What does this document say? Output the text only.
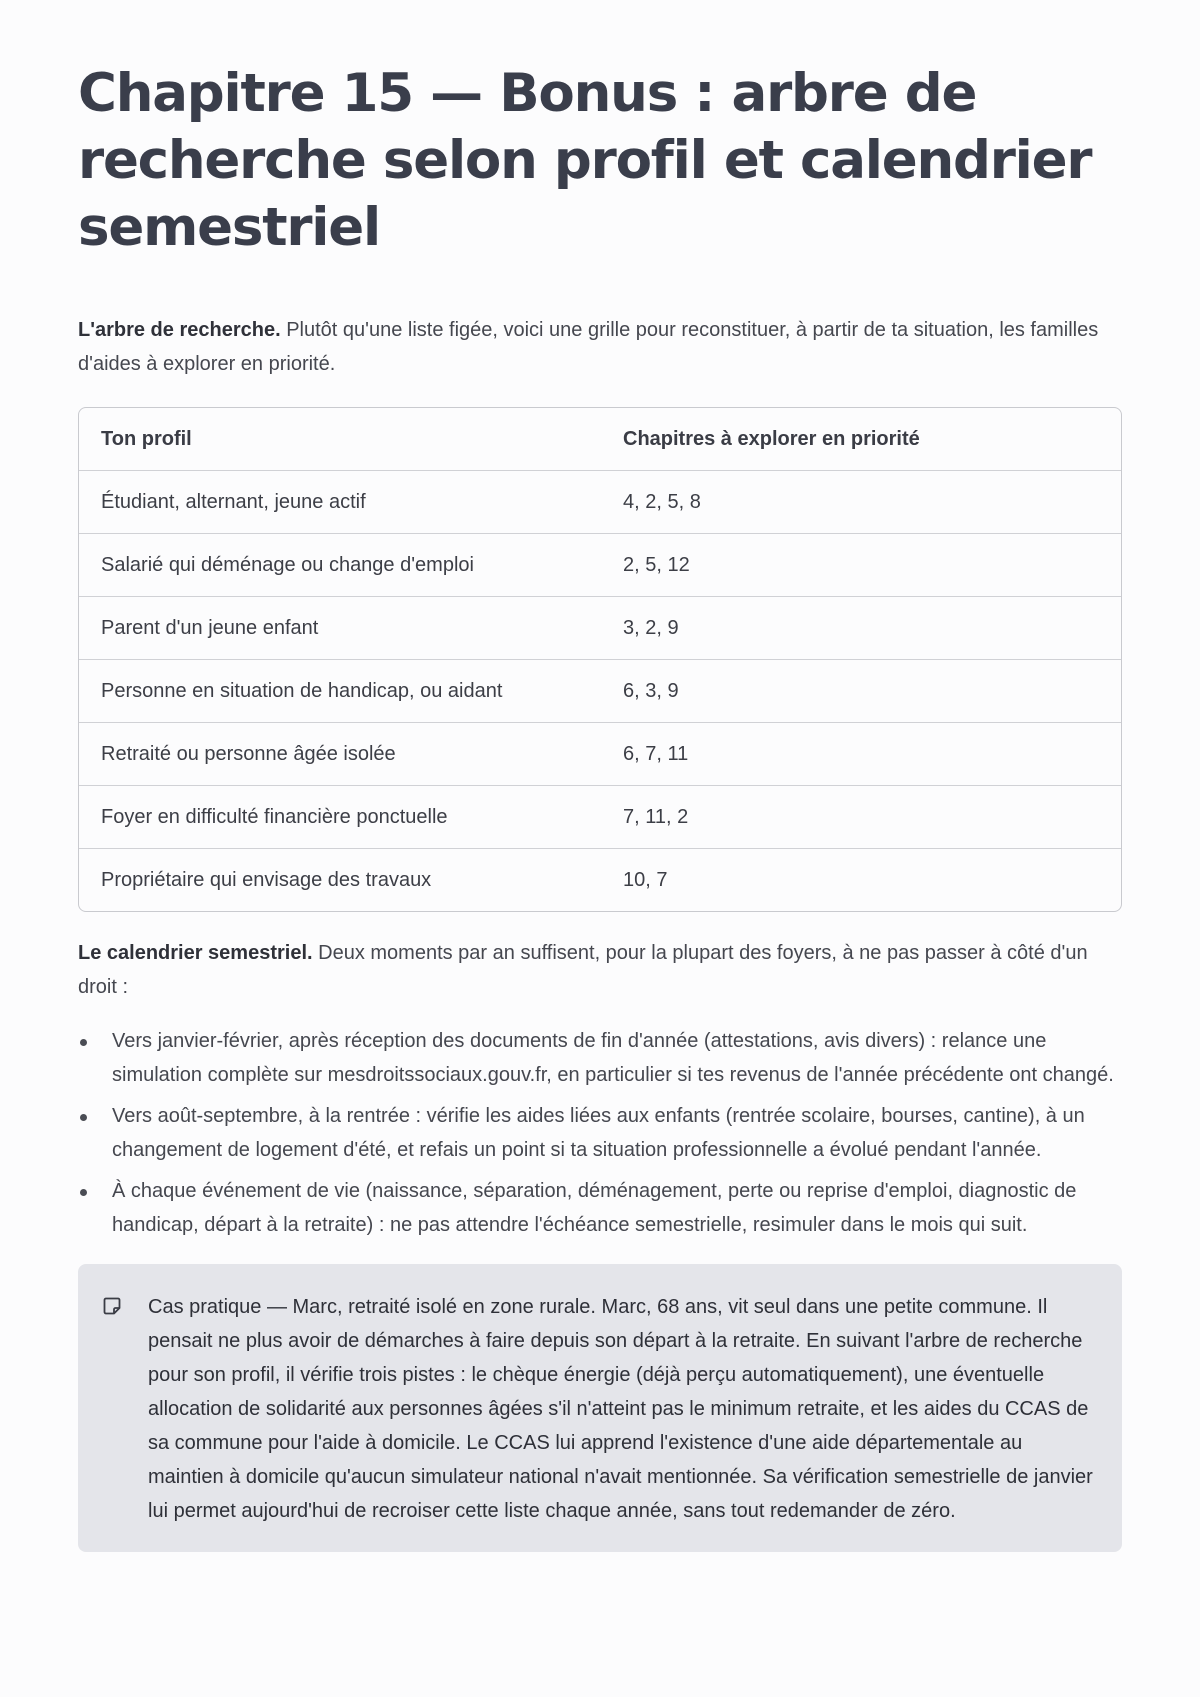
Chapitre 15 — Bonus : arbre de recherche selon profil et calendrier semestriel

L'arbre de recherche. Plutôt qu'une liste figée, voici une grille pour reconstituer, à partir de ta situation, les familles d'aides à explorer en priorité.

Ton profil	Chapitres à explorer en priorité
Étudiant, alternant, jeune actif	4, 2, 5, 8
Salarié qui déménage ou change d'emploi	2, 5, 12
Parent d'un jeune enfant	3, 2, 9
Personne en situation de handicap, ou aidant	6, 3, 9
Retraité ou personne âgée isolée	6, 7, 11
Foyer en difficulté financière ponctuelle	7, 11, 2
Propriétaire qui envisage des travaux	10, 7

Le calendrier semestriel. Deux moments par an suffisent, pour la plupart des foyers, à ne pas passer à côté d'un droit :

Vers janvier-février, après réception des documents de fin d'année (attestations, avis divers) : relance une simulation complète sur mesdroitssociaux.gouv.fr, en particulier si tes revenus de l'année précédente ont changé.
Vers août-septembre, à la rentrée : vérifie les aides liées aux enfants (rentrée scolaire, bourses, cantine), à un changement de logement d'été, et refais un point si ta situation professionnelle a évolué pendant l'année.
À chaque événement de vie (naissance, séparation, déménagement, perte ou reprise d'emploi, diagnostic de handicap, départ à la retraite) : ne pas attendre l'échéance semestrielle, resimuler dans le mois qui suit.
Cas pratique — Marc, retraité isolé en zone rurale. Marc, 68 ans, vit seul dans une petite commune. Il pensait ne plus avoir de démarches à faire depuis son départ à la retraite. En suivant l'arbre de recherche pour son profil, il vérifie trois pistes : le chèque énergie (déjà perçu automatiquement), une éventuelle allocation de solidarité aux personnes âgées s'il n'atteint pas le minimum retraite, et les aides du CCAS de sa commune pour l'aide à domicile. Le CCAS lui apprend l'existence d'une aide départementale au maintien à domicile qu'aucun simulateur national n'avait mentionnée. Sa vérification semestrielle de janvier lui permet aujourd'hui de recroiser cette liste chaque année, sans tout redemander de zéro.
